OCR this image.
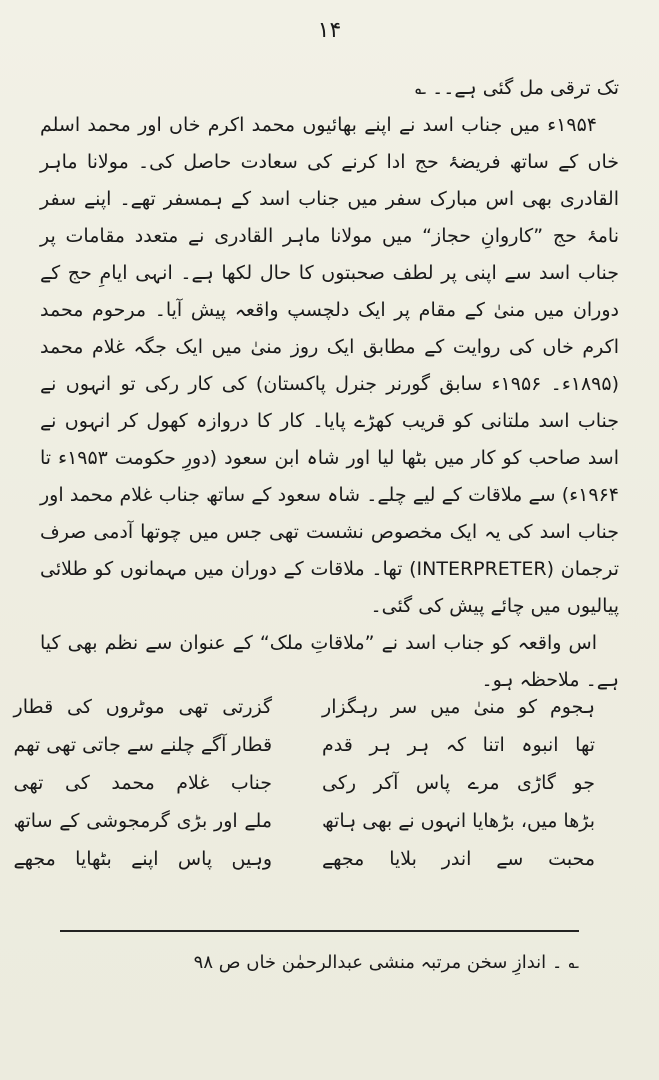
۱۴

تک ترقی مل گئی ہے۔۔ ؎

۱۹۵۴ء میں جناب اسد نے اپنے بھائیوں محمد اکرم خاں اور محمد اسلم خاں کے ساتھ فریضۂ حج ادا کرنے کی سعادت حاصل کی۔ مولانا ماہر القادری بھی اس مبارک سفر میں جناب اسد کے ہمسفر تھے۔ اپنے سفر نامۂ حج ”کاروانِ حجاز“ میں مولانا ماہر القادری نے متعدد مقامات پر جناب اسد سے اپنی پر لطف صحبتوں کا حال لکھا ہے۔ انہی ایامِ حج کے دوران میں منیٰ کے مقام پر ایک دلچسپ واقعہ پیش آیا۔ مرحوم محمد اکرم خاں کی روایت کے مطابق ایک روز منیٰ میں ایک جگہ غلام محمد (۱۸۹۵ء۔ ۱۹۵۶ء سابق گورنر جنرل پاکستان) کی کار رکی تو انہوں نے جناب اسد ملتانی کو قریب کھڑے پایا۔ کار کا دروازہ کھول کر انہوں نے اسد صاحب کو کار میں بٹھا لیا اور شاہ ابن سعود (دورِ حکومت ۱۹۵۳ء تا ۱۹۶۴ء) سے ملاقات کے لیے چلے۔ شاہ سعود کے ساتھ جناب غلام محمد اور جناب اسد کی یہ ایک مخصوص نشست تھی جس میں چوتھا آدمی صرف ترجمان (INTERPRETER) تھا۔ ملاقات کے دوران میں مہمانوں کو طلائی پیالیوں میں چائے پیش کی گئی۔

اس واقعہ کو جناب اسد نے ”ملاقاتِ ملک“ کے عنوان سے نظم بھی کیا ہے۔ ملاحظہ ہو۔

ہجوم کو منیٰ میں سر رہگزار
گزرتی تھی موٹروں کی قطار
تھا انبوہ اتنا کہ ہر ہر قدم
قطار آگے چلنے سے جاتی تھی تھم
جو گاڑی مرے پاس آکر رکی
جناب غلام محمد کی تھی
بڑھا میں، بڑھایا انہوں نے بھی ہاتھ
ملے اور بڑی گرمجوشی کے ساتھ
محبت سے اندر بلایا مجھے
وہیں پاس اپنے بٹھایا مجھے
؎۔ اندازِ سخن مرتبہ منشی عبدالرحمٰن خاں ص ۹۸
